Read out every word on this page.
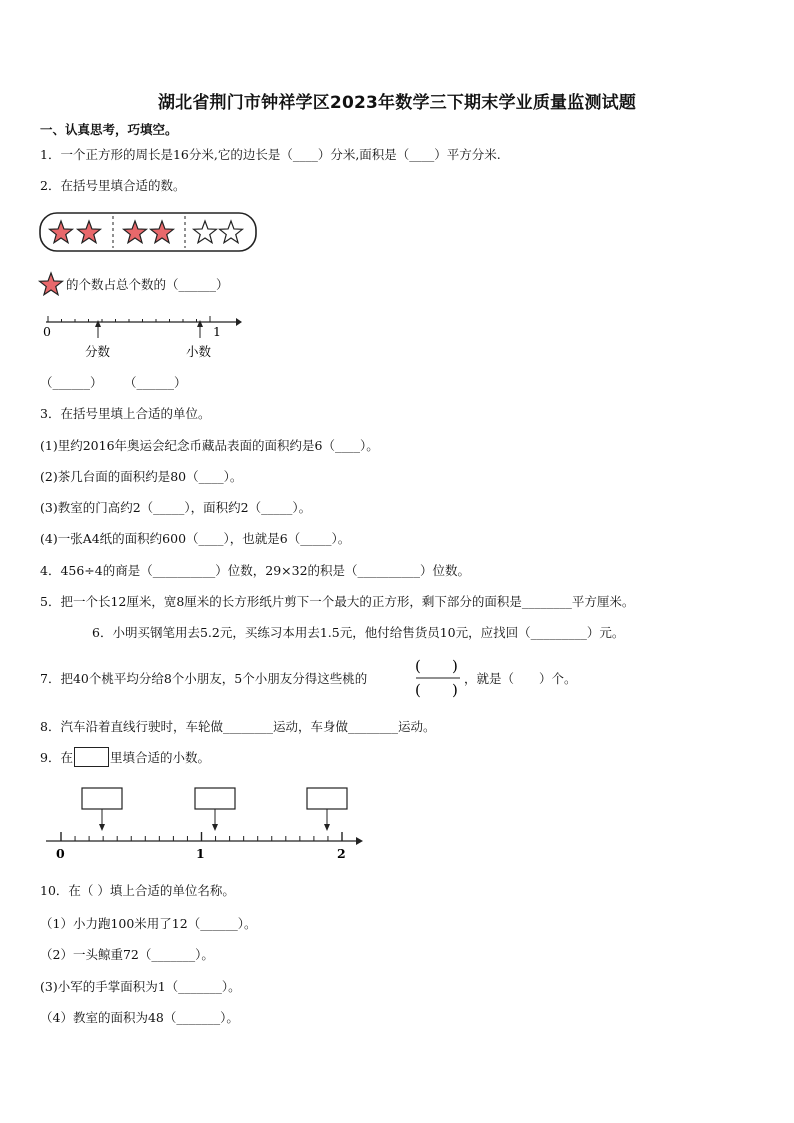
湖北省荆门市钟祥学区2023年数学三下期末学业质量监测试题
一、认真思考，巧填空。
1．一个正方形的周长是16分米,它的边长是（____）分米,面积是（____）平方分米.
2．在括号里填合适的数。
的个数占总个数的（______）
0	1
分数	小数
（______） （______）
3．在括号里填上合适的单位。
(1)里约2016年奥运会纪念币藏品表面的面积约是6（____）。
(2)茶几台面的面积约是80（____）。
(3)教室的门高约2（_____），面积约2（_____）。
(4)一张A4纸的面积约600（____），也就是6（_____）。
4．456÷4的商是（__________）位数，29×32的积是（__________）位数。
5．把一个长12厘米，宽8厘米的长方形纸片剪下一个最大的正方形，剩下部分的面积是________平方厘米。
6．小明买钢笔用去5.2元，买练习本用去1.5元，他付给售货员10元，应找回（_________）元。
7．把40个桃平均分给8个小朋友，5个小朋友分得这些桃的
( )
( )
，就是（　　）个。
8．汽车沿着直线行驶时，车轮做________运动，车身做________运动。
9．在	里填合适的小数。
0	1	2
10．在（ ）填上合适的单位名称。
（1）小力跑100米用了12（______）。
（2）一头鲸重72（_______）。
(3)小军的手掌面积为1（_______）。
（4）教室的面积为48（_______）。
